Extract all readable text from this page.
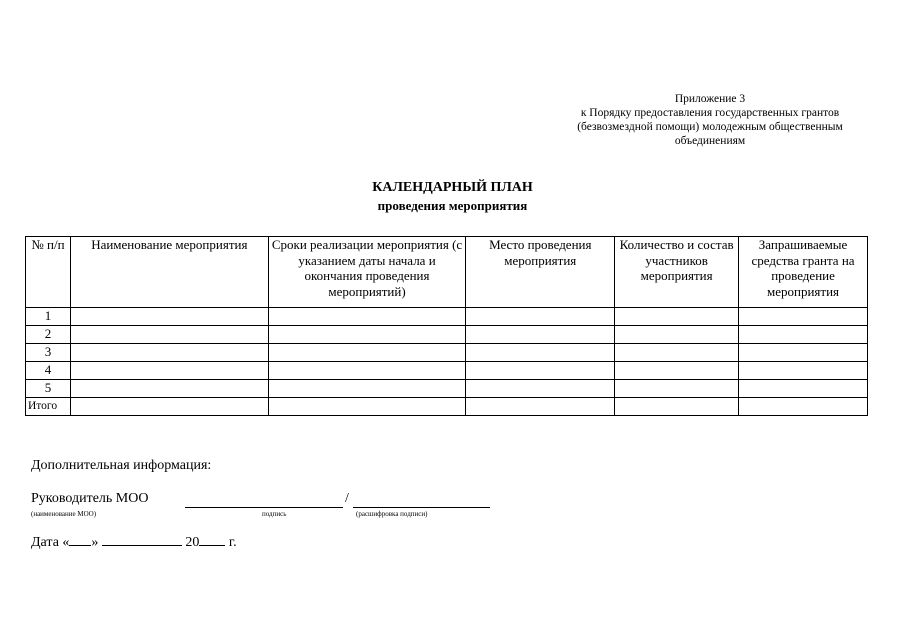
Приложение 3
к Порядку предоставления государственных грантов
(безвозмездной помощи) молодежным общественным
объединениям
КАЛЕНДАРНЫЙ ПЛАН
проведения мероприятия
№ п/п	Наименование мероприятия	Сроки реализации мероприятия (с указанием даты начала и окончания проведения мероприятий)	Место проведения мероприятия	Количество и состав участников мероприятия	Запрашиваемые средства гранта на проведение мероприятия
1					
2					
3					
4					
5					
Итого					
Дополнительная информация:
Руководитель МОО	/
(наименование МОО)	подпись	(расшифровка подписи)
Дата « »	20 г.
